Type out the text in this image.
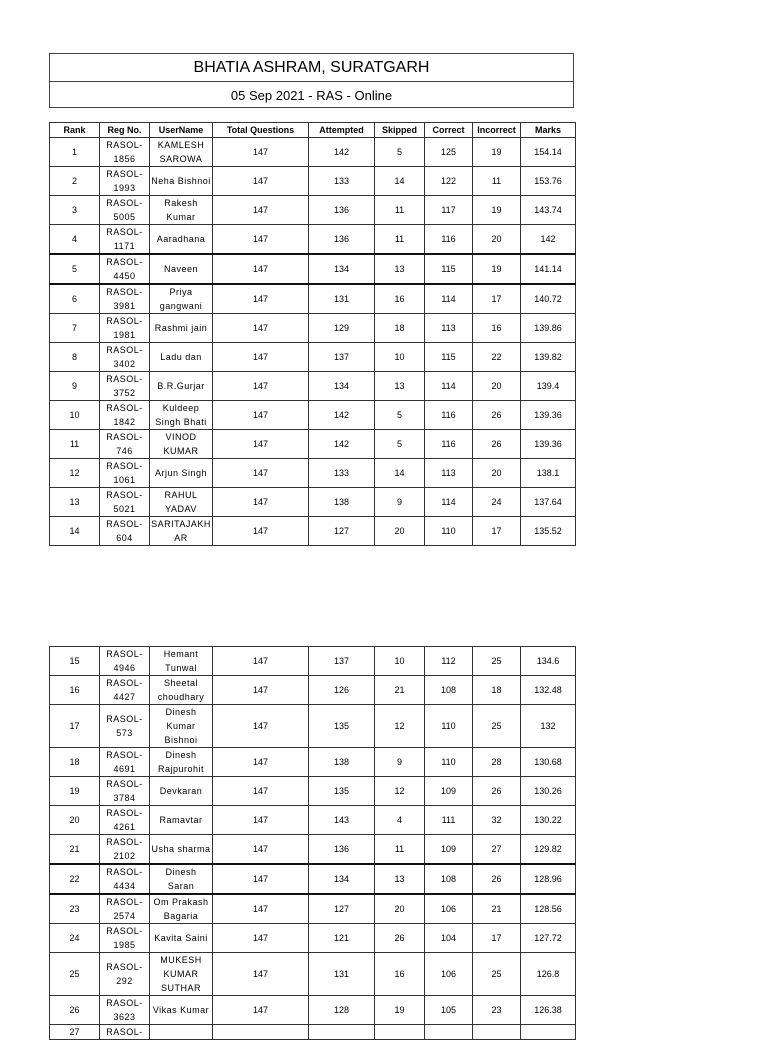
BHATIA ASHRAM, SURATGARH
05 Sep 2021 - RAS - Online
Rank	Reg No.	UserName	Total Questions	Attempted	Skipped	Correct	Incorrect	Marks
1	RASOL-1856	KAMLESH SAROWA	147	142	5	125	19	154.14
2	RASOL-1993	Neha Bishnoi	147	133	14	122	11	153.76
3	RASOL-5005	Rakesh Kumar	147	136	11	117	19	143.74
4	RASOL-1171	Aaradhana	147	136	11	116	20	142
5	RASOL-4450	Naveen	147	134	13	115	19	141.14
6	RASOL-3981	Priya gangwani	147	131	16	114	17	140.72
7	RASOL-1981	Rashmi jain	147	129	18	113	16	139.86
8	RASOL-3402	Ladu dan	147	137	10	115	22	139.82
9	RASOL-3752	B.R.Gurjar	147	134	13	114	20	139.4
10	RASOL-1842	Kuldeep Singh Bhati	147	142	5	116	26	139.36
11	RASOL-746	VINOD KUMAR	147	142	5	116	26	139.36
12	RASOL-1061	Arjun Singh	147	133	14	113	20	138.1
13	RASOL-5021	RAHUL YADAV	147	138	9	114	24	137.64
14	RASOL-604	SARITAJAKHAR	147	127	20	110	17	135.52
15	RASOL-4946	Hemant Tunwal	147	137	10	112	25	134.6
16	RASOL-4427	Sheetal choudhary	147	126	21	108	18	132.48
17	RASOL-573	Dinesh Kumar Bishnoi	147	135	12	110	25	132
18	RASOL-4691	Dinesh Rajpurohit	147	138	9	110	28	130.68
19	RASOL-3784	Devkaran	147	135	12	109	26	130.26
20	RASOL-4261	Ramavtar	147	143	4	111	32	130.22
21	RASOL-2102	Usha sharma	147	136	11	109	27	129.82
22	RASOL-4434	Dinesh Saran	147	134	13	108	26	128.96
23	RASOL-2574	Om Prakash Bagaria	147	127	20	106	21	128.56
24	RASOL-1985	Kavita Saini	147	121	26	104	17	127.72
25	RASOL-292	MUKESH KUMAR SUTHAR	147	131	16	106	25	126.8
26	RASOL-3623	Vikas Kumar	147	128	19	105	23	126.38
27	RASOL-							
